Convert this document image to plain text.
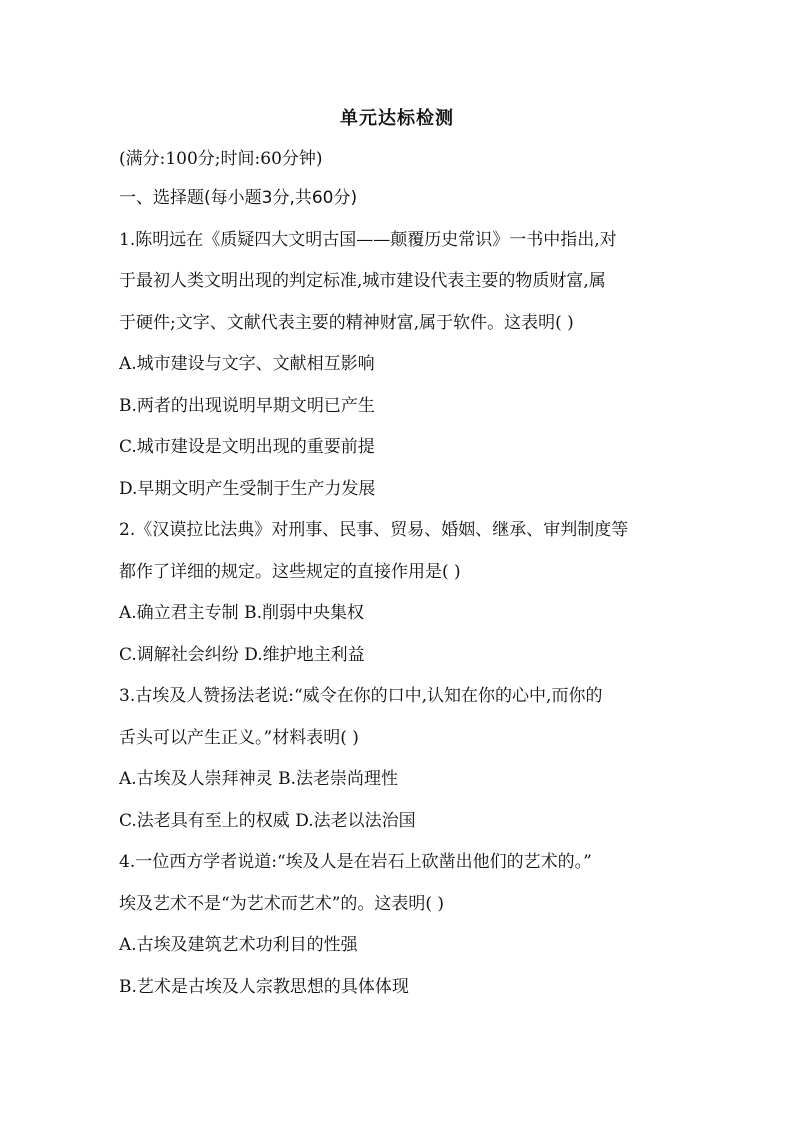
单元达标检测
(满分:100分;时间:60分钟)
一、选择题(每小题3分,共60分)
1.陈明远在《质疑四大文明古国——颠覆历史常识》一书中指出,对
于最初人类文明出现的判定标准,城市建设代表主要的物质财富,属
于硬件;文字、文献代表主要的精神财富,属于软件。这表明( )
A.城市建设与文字、文献相互影响
B.两者的出现说明早期文明已产生
C.城市建设是文明出现的重要前提
D.早期文明产生受制于生产力发展
2.《汉谟拉比法典》对刑事、民事、贸易、婚姻、继承、审判制度等
都作了详细的规定。这些规定的直接作用是( )
A.确立君主专制 B.削弱中央集权
C.调解社会纠纷 D.维护地主利益
3.古埃及人赞扬法老说:“威令在你的口中,认知在你的心中,而你的
舌头可以产生正义。”材料表明( )
A.古埃及人崇拜神灵 B.法老崇尚理性
C.法老具有至上的权威 D.法老以法治国
4.一位西方学者说道:“埃及人是在岩石上砍凿出他们的艺术的。”
埃及艺术不是“为艺术而艺术”的。这表明( )
A.古埃及建筑艺术功利目的性强
B.艺术是古埃及人宗教思想的具体体现
